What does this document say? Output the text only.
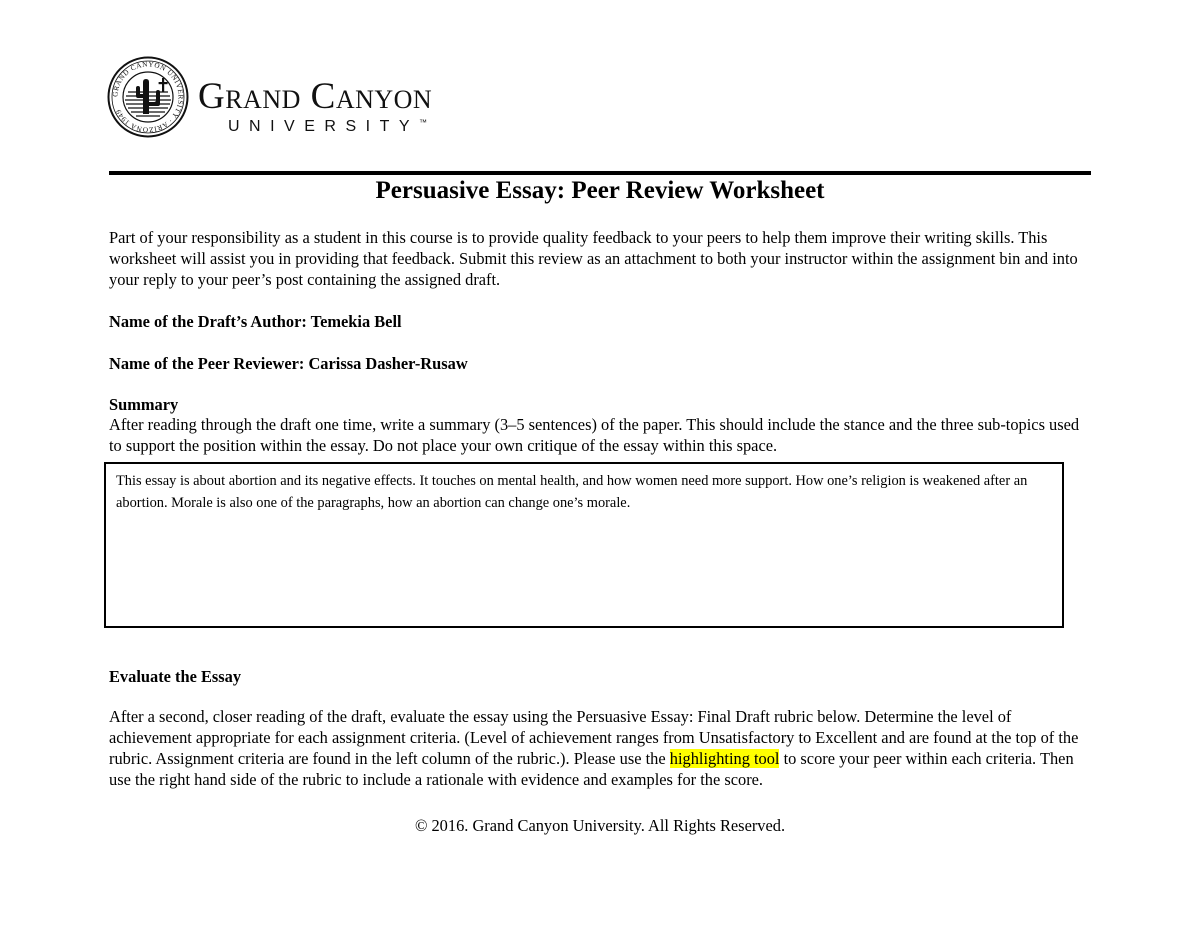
GRAND CANYON UNIVERSITY · ARIZONA 1949	Grand Canyon
UNIVERSITY™
Persuasive Essay: Peer Review Worksheet

Part of your responsibility as a student in this course is to provide quality feedback to your peers to help them improve their writing skills. This worksheet will assist you in providing that feedback. Submit this review as an attachment to both your instructor within the assignment bin and into your reply to your peer’s post containing the assigned draft.

Name of the Draft’s Author: Temekia Bell
Name of the Peer Reviewer: Carissa Dasher-Rusaw
Summary

After reading through the draft one time, write a summary (3–5 sentences) of the paper. This should include the stance and the three sub-topics used to support the position within the essay. Do not place your own critique of the essay within this space.

This essay is about abortion and its negative effects. It touches on mental health, and how women need more support. How one’s religion is weakened after an abortion. Morale is also one of the paragraphs, how an abortion can change one’s morale.

Evaluate the Essay

After a second, closer reading of the draft, evaluate the essay using the Persuasive Essay: Final Draft rubric below. Determine the level of achievement appropriate for each assignment criteria. (Level of achievement ranges from Unsatisfactory to Excellent and are found at the top of the rubric. Assignment criteria are found in the left column of the rubric.). Please use the highlighting tool to score your peer within each criteria. Then use the right hand side of the rubric to include a rationale with evidence and examples for the score.

© 2016. Grand Canyon University. All Rights Reserved.
